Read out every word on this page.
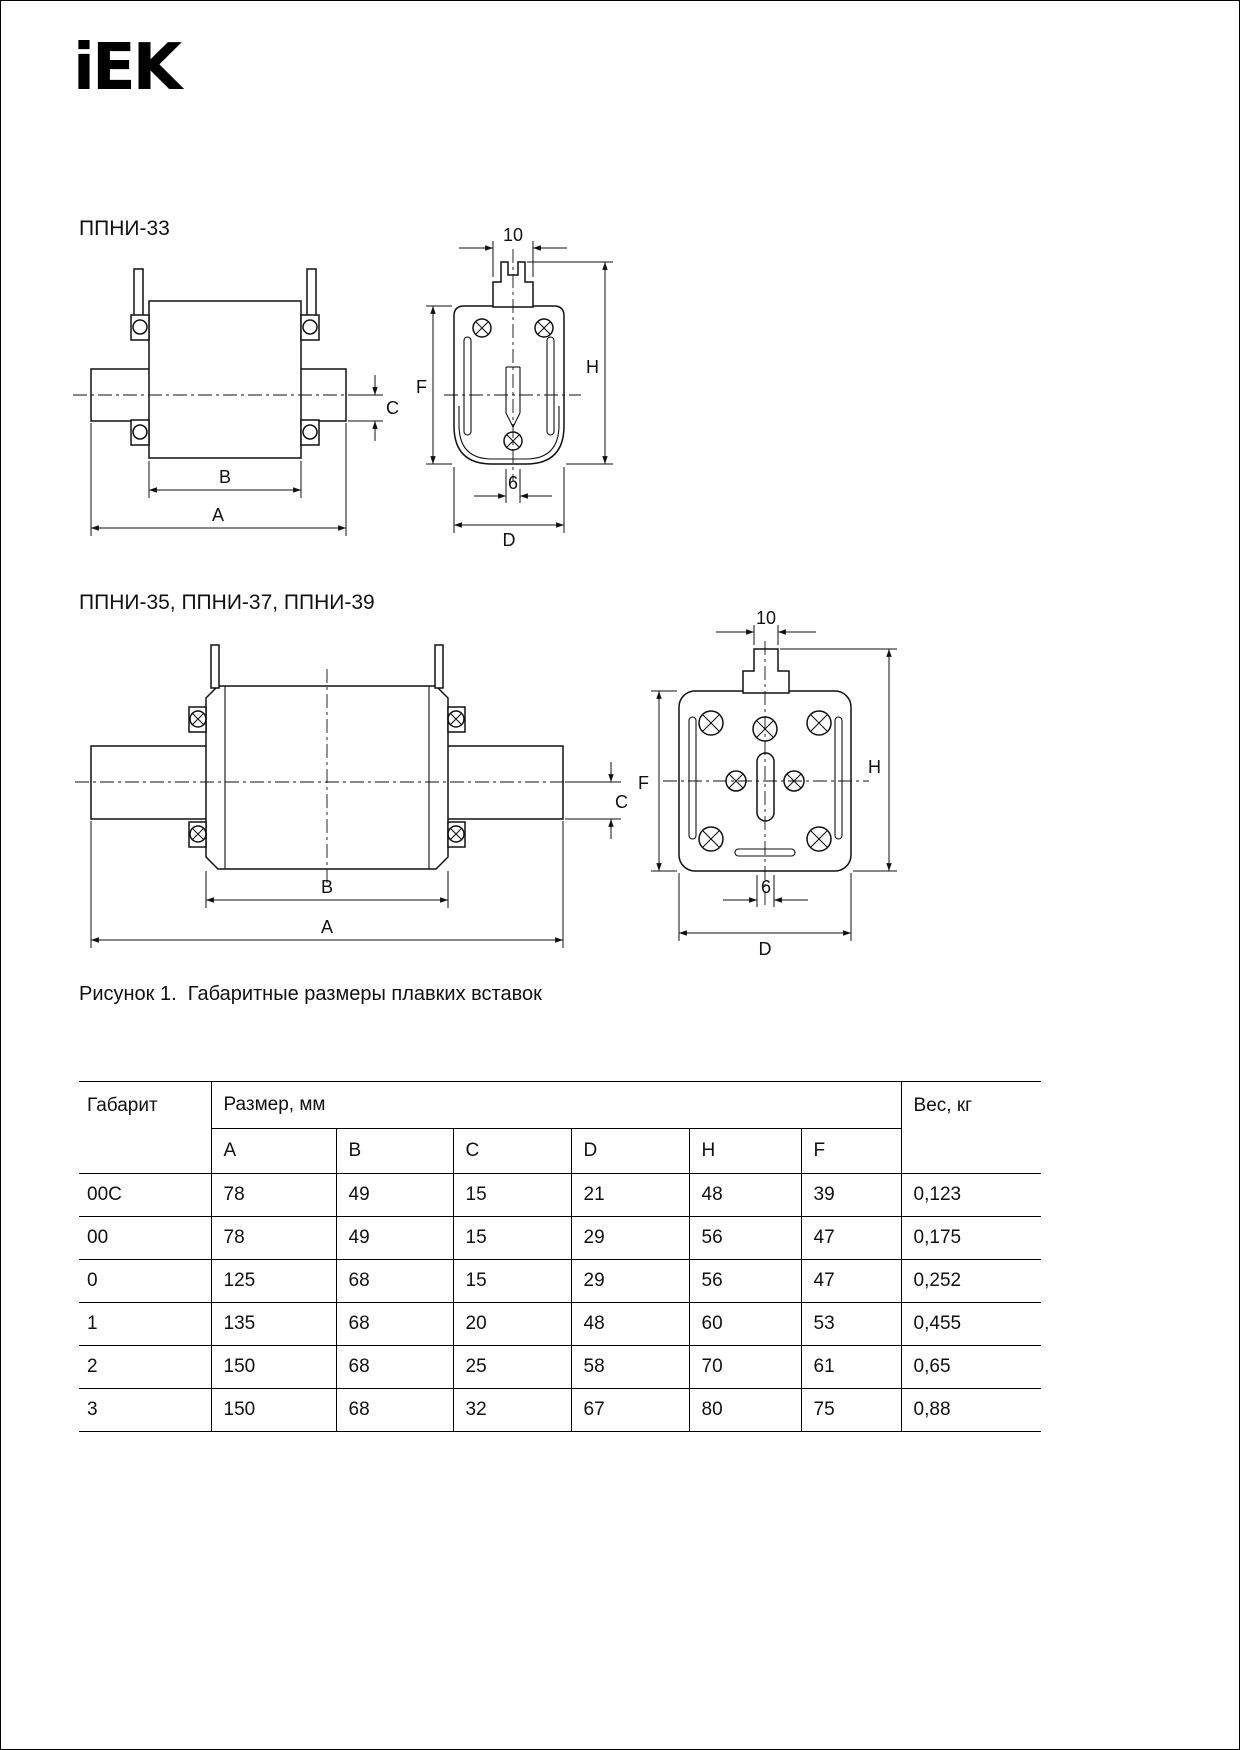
iEK
ППНИ-33
ППНИ-35, ППНИ-37, ППНИ-39
C
B
A
10
F
H
6
D
C
B
A
10
F
H
6
D
Рисунок 1.  Габаритные размеры плавких вставок
Габарит	Размер, мм						Вес, кг
	A	B	C	D	H	F	
00C	78	49	15	21	48	39	0,123
00	78	49	15	29	56	47	0,175
0	125	68	15	29	56	47	0,252
1	135	68	20	48	60	53	0,455
2	150	68	25	58	70	61	0,65
3	150	68	32	67	80	75	0,88
